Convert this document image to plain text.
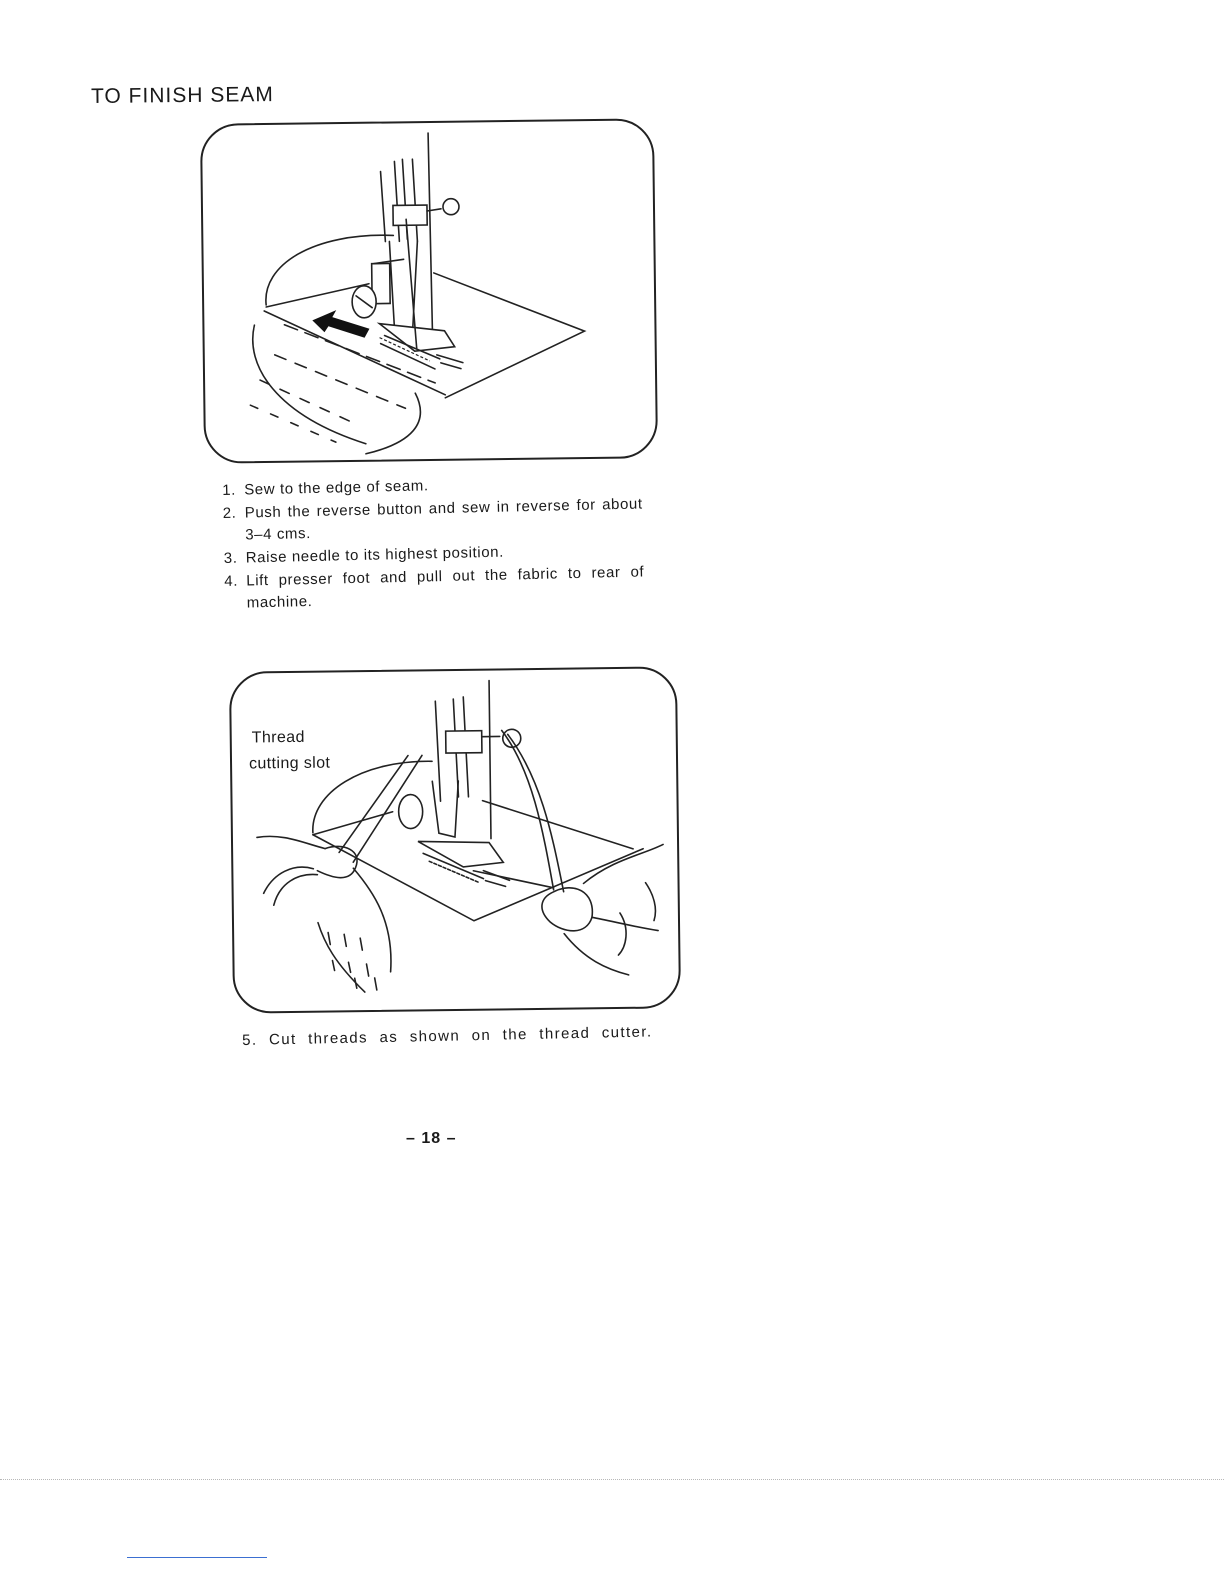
TO FINISH SEAM
1. Sew to the edge of seam.
2. Push the reverse button and sew in reverse for about 3–4 cms.
3. Raise needle to its highest position.
4. Lift presser foot and pull out the fabric to rear of machine.
Thread
cutting slot
5. Cut threads as shown on the thread cutter.
– 18 –
